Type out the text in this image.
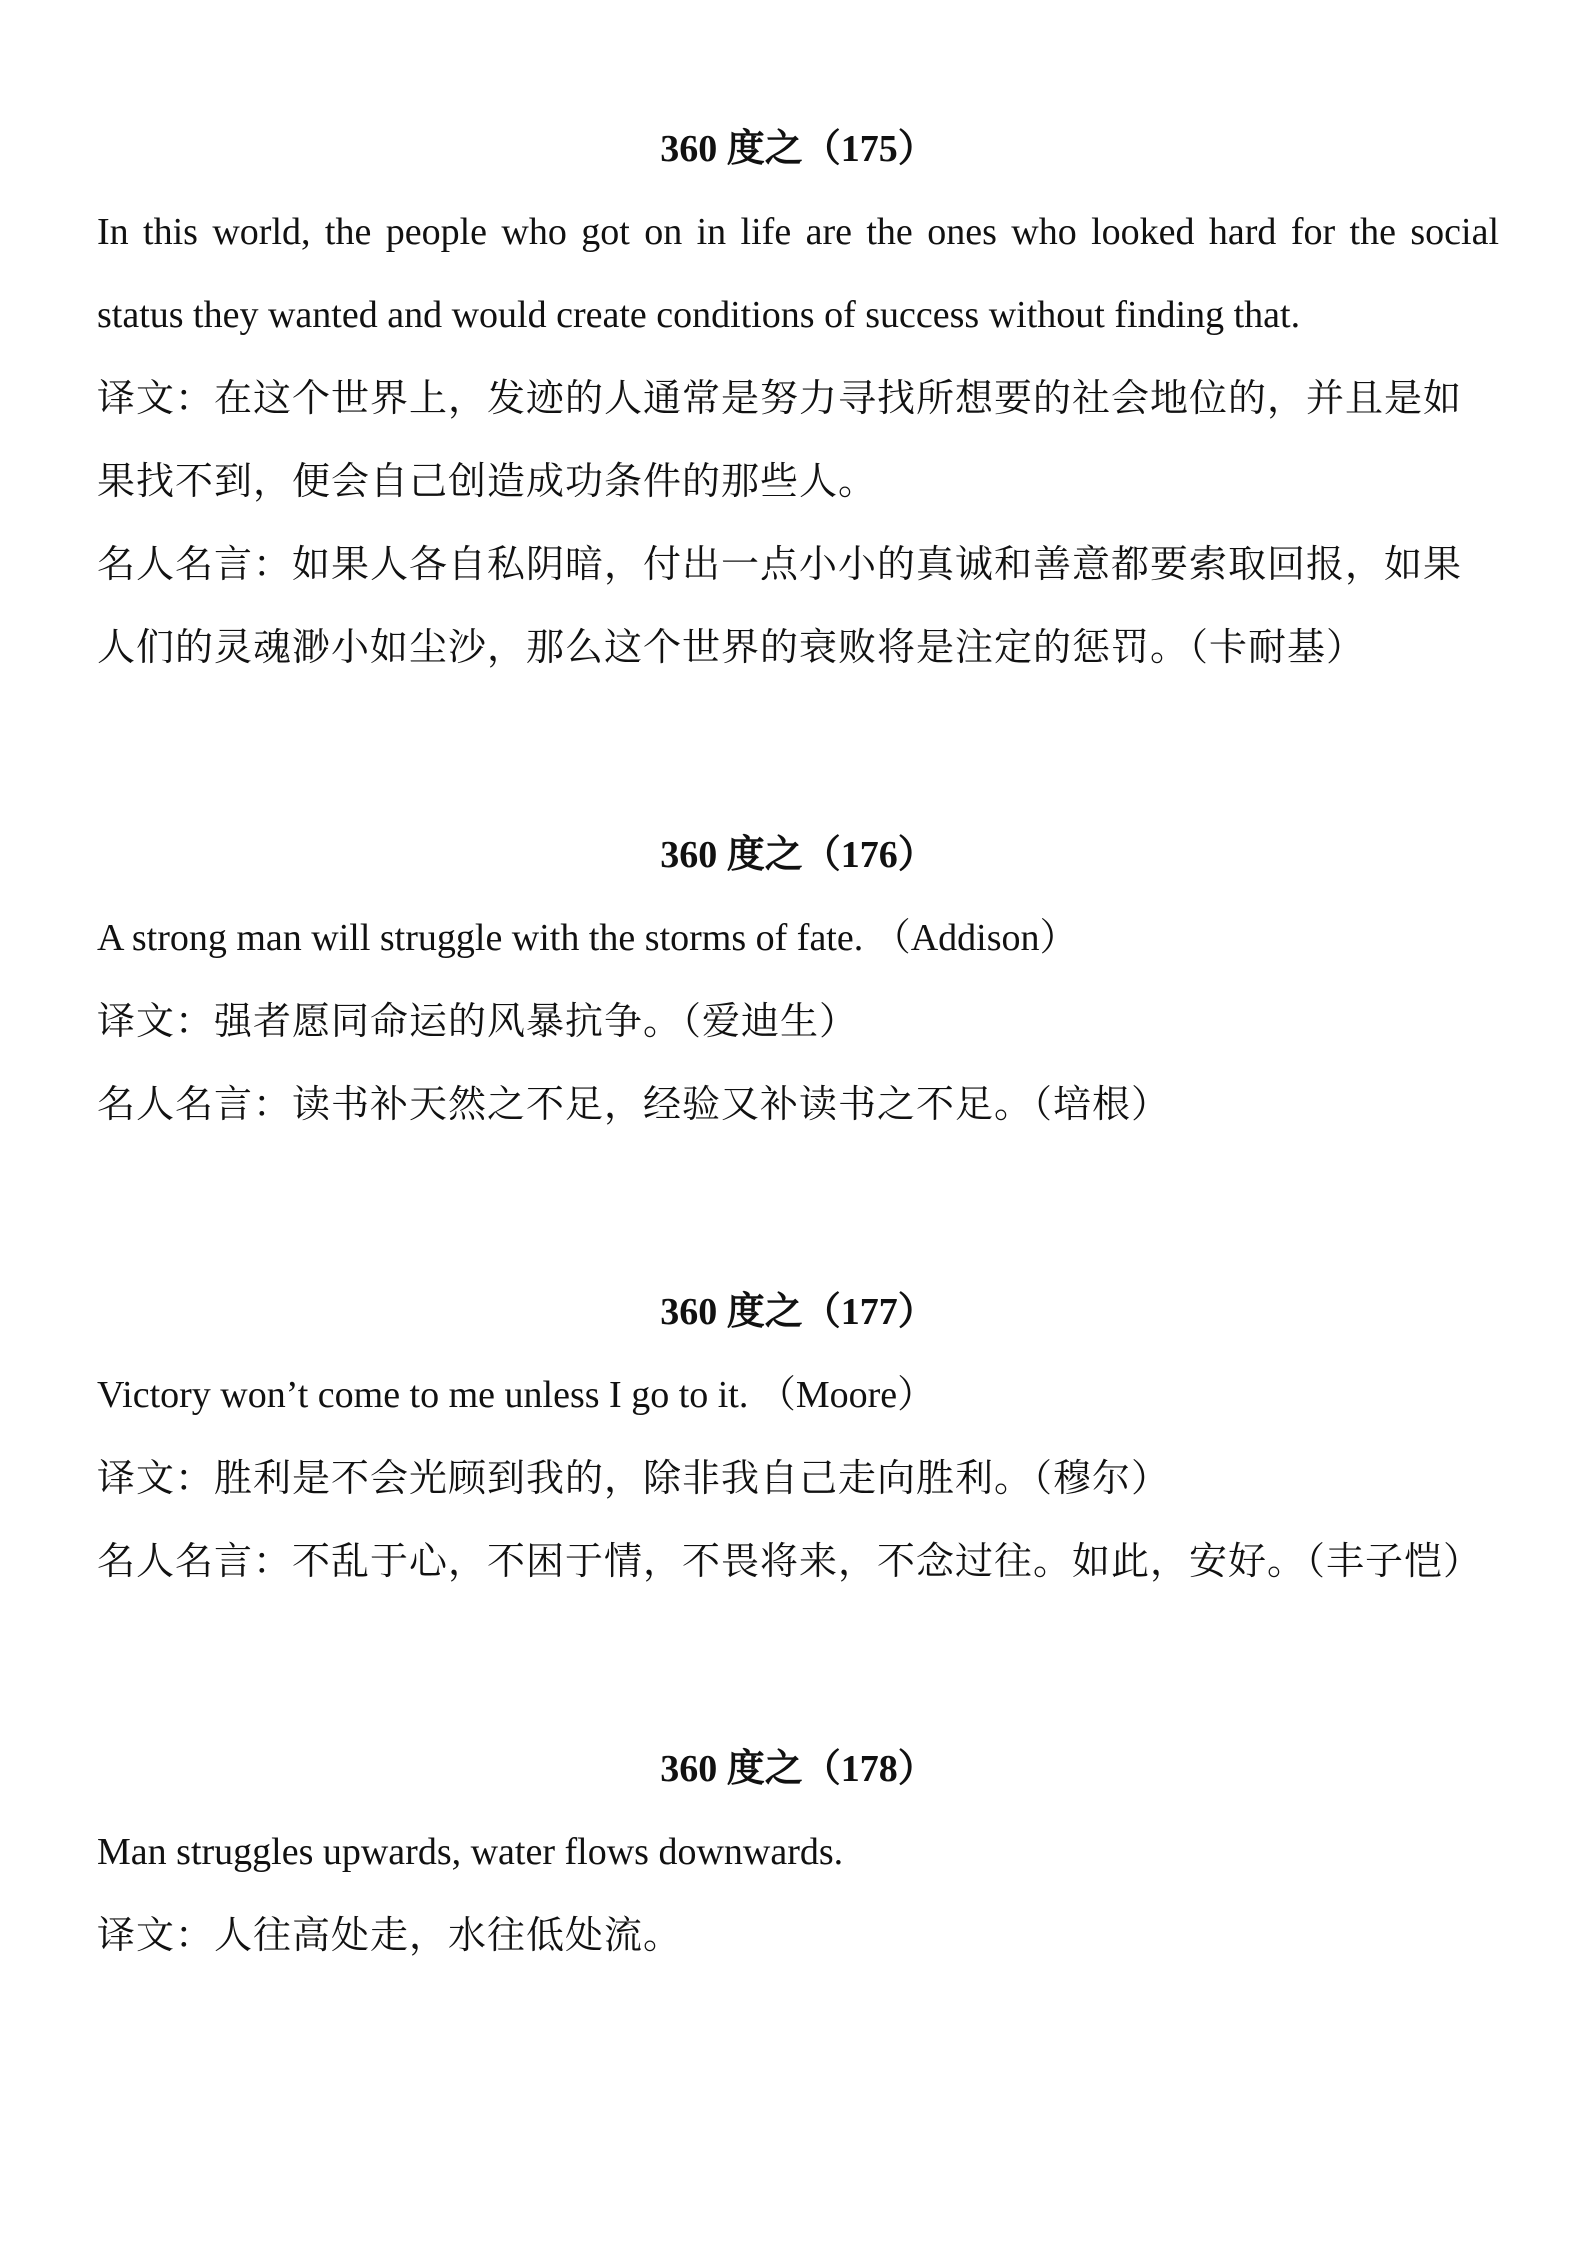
360 度之（175）

In this world, the people who got on in life are the ones who looked hard for the social status they wanted and would create conditions of success without finding that.

译文：在这个世界上，发迹的人通常是努力寻找所想要的社会地位的，并且是如果找不到，便会自己创造成功条件的那些人。

名人名言：如果人各自私阴暗，付出一点小小的真诚和善意都要索取回报，如果人们的灵魂渺小如尘沙，那么这个世界的衰败将是注定的惩罚。（卡耐基）

360 度之（176）

A strong man will struggle with the storms of fate. （Addison）

译文：强者愿同命运的风暴抗争。（爱迪生）

名人名言：读书补天然之不足，经验又补读书之不足。（培根）

360 度之（177）

Victory won’t come to me unless I go to it. （Moore）

译文：胜利是不会光顾到我的，除非我自己走向胜利。（穆尔）

名人名言：不乱于心，不困于情，不畏将来，不念过往。如此，安好。（丰子恺）

360 度之（178）

Man struggles upwards, water flows downwards.

译文：人往高处走，水往低处流。
